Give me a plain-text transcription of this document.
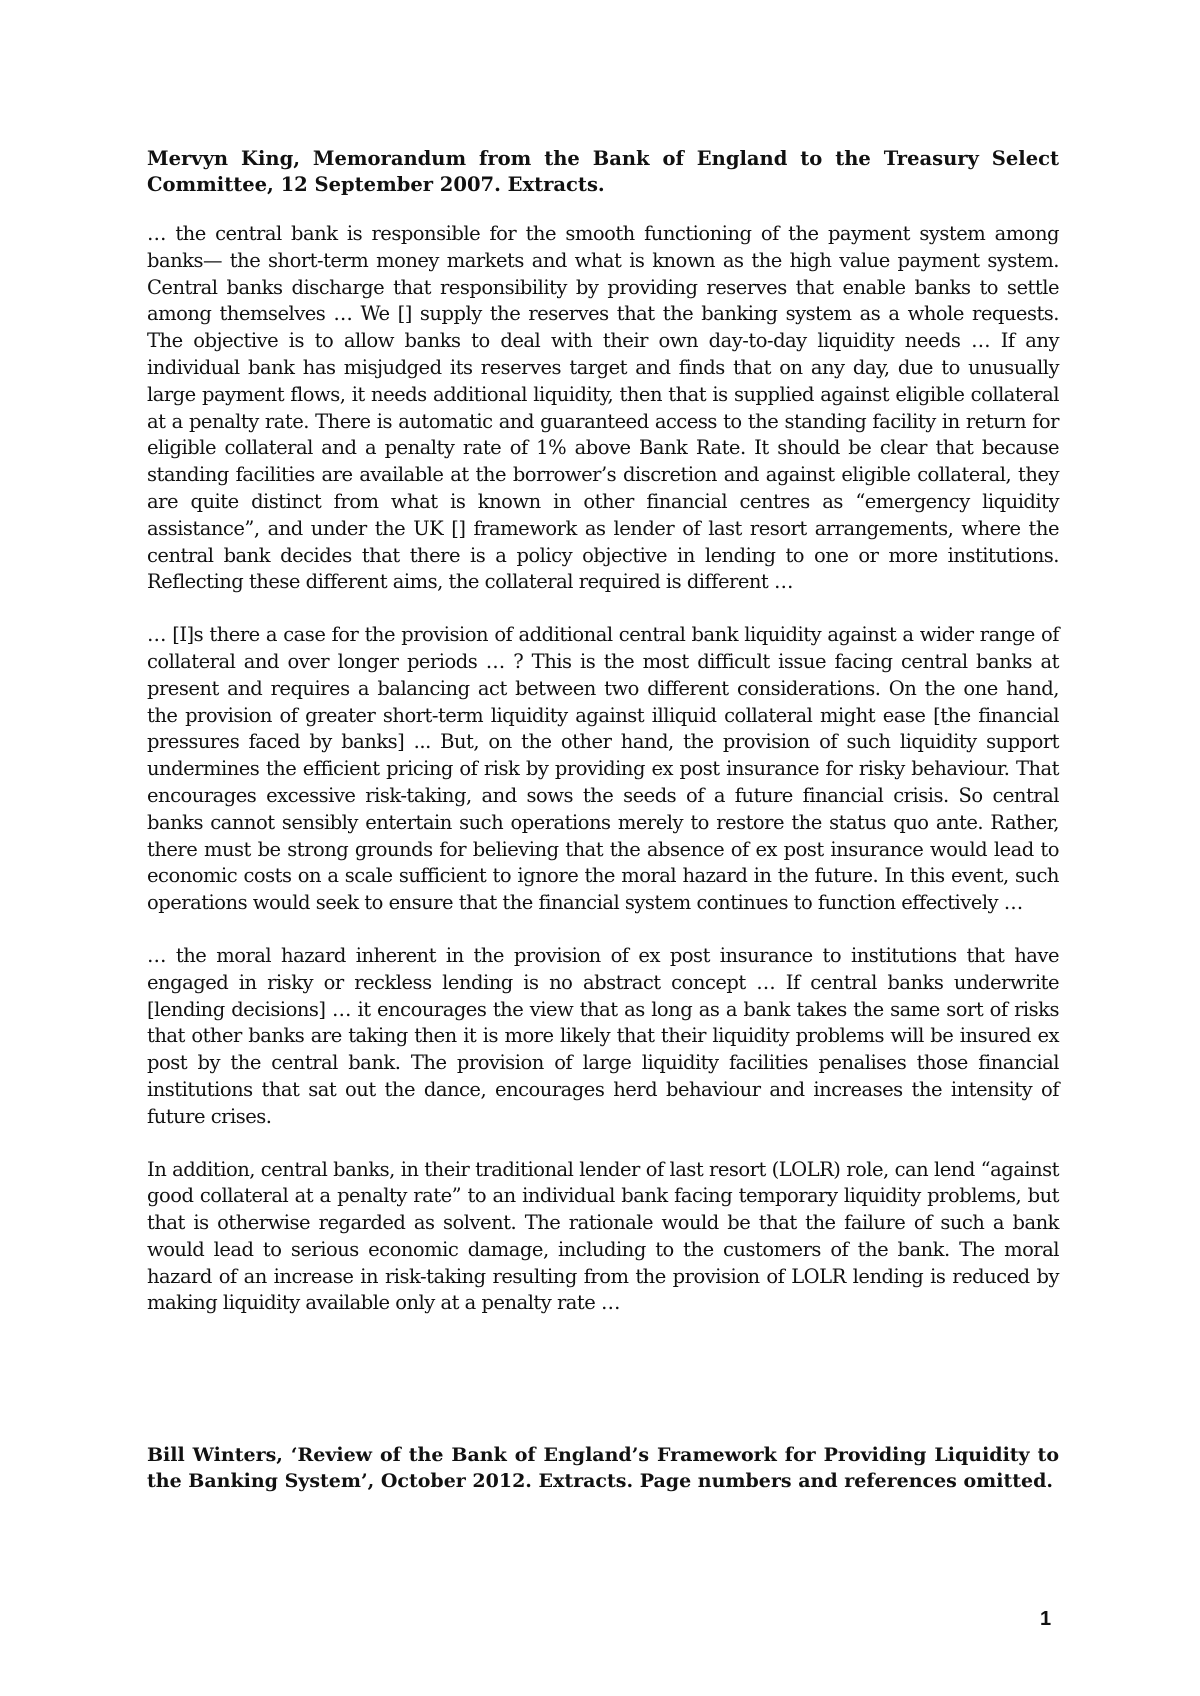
Mervyn King, Memorandum from the Bank of England to the Treasury Select Committee, 12 September 2007. Extracts.

… the central bank is responsible for the smooth functioning of the payment system among banks— the short-term money markets and what is known as the high value payment system. Central banks discharge that responsibility by providing reserves that enable banks to settle among themselves … We [] supply the reserves that the banking system as a whole requests. The objective is to allow banks to deal with their own day-to-day liquidity needs … If any individual bank has misjudged its reserves target and finds that on any day, due to unusually large payment flows, it needs additional liquidity, then that is supplied against eligible collateral at a penalty rate. There is automatic and guaranteed access to the standing facility in return for eligible collateral and a penalty rate of 1% above Bank Rate. It should be clear that because standing facilities are available at the borrower’s discretion and against eligible collateral, they are quite distinct from what is known in other financial centres as “emergency liquidity assistance”, and under the UK [] framework as lender of last resort arrangements, where the central bank decides that there is a policy objective in lending to one or more institutions. Reflecting these different aims, the collateral required is different …

… [I]s there a case for the provision of additional central bank liquidity against a wider range of collateral and over longer periods … ? This is the most difficult issue facing central banks at present and requires a balancing act between two different considerations. On the one hand, the provision of greater short-term liquidity against illiquid collateral might ease [the financial pressures faced by banks] ... But, on the other hand, the provision of such liquidity support undermines the efficient pricing of risk by providing ex post insurance for risky behaviour. That encourages excessive risk-taking, and sows the seeds of a future financial crisis. So central banks cannot sensibly entertain such operations merely to restore the status quo ante. Rather, there must be strong grounds for believing that the absence of ex post insurance would lead to economic costs on a scale sufficient to ignore the moral hazard in the future. In this event, such operations would seek to ensure that the financial system continues to function effectively …

… the moral hazard inherent in the provision of ex post insurance to institutions that have engaged in risky or reckless lending is no abstract concept … If central banks underwrite [lending decisions] … it encourages the view that as long as a bank takes the same sort of risks that other banks are taking then it is more likely that their liquidity problems will be insured ex post by the central bank. The provision of large liquidity facilities penalises those financial institutions that sat out the dance, encourages herd behaviour and increases the intensity of future crises.

In addition, central banks, in their traditional lender of last resort (LOLR) role, can lend “against good collateral at a penalty rate” to an individual bank facing temporary liquidity problems, but that is otherwise regarded as solvent. The rationale would be that the failure of such a bank would lead to serious economic damage, including to the customers of the bank. The moral hazard of an increase in risk-taking resulting from the provision of LOLR lending is reduced by making liquidity available only at a penalty rate …

Bill Winters, ‘Review of the Bank of England’s Framework for Providing Liquidity to the Banking System’, October 2012. Extracts. Page numbers and references omitted.

1
